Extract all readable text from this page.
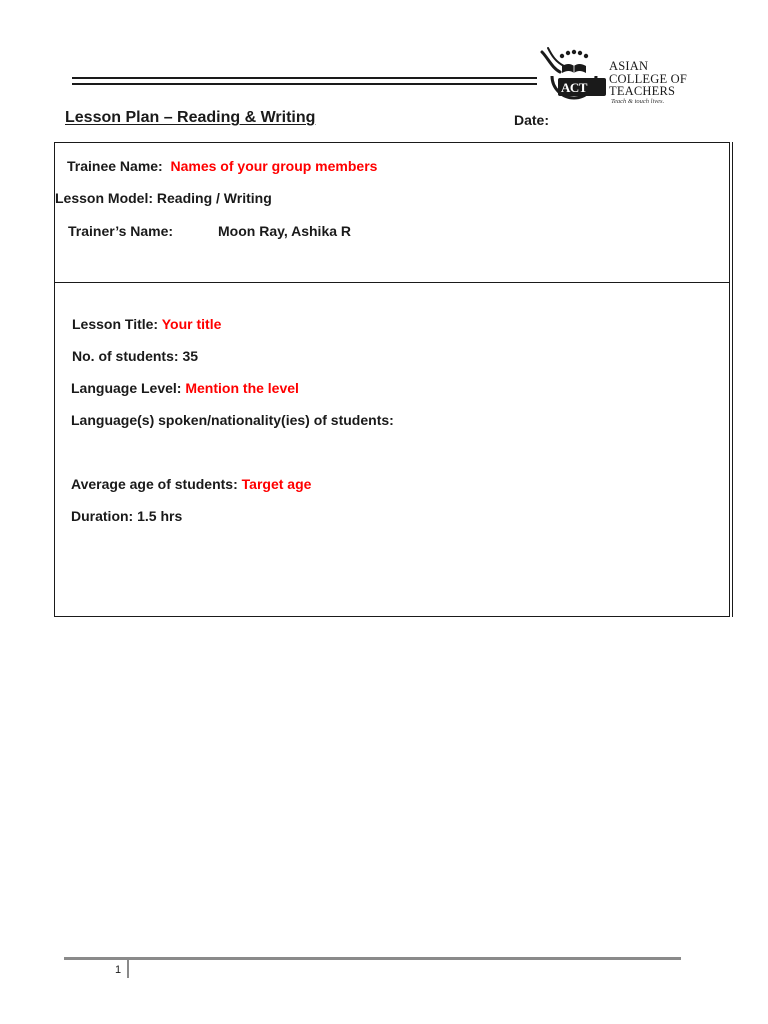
ACT
ASIAN
COLLEGE OF
TEACHERS
Teach & touch lives.
Lesson Plan – Reading & Writing	Date:
Trainee Name: Names of your group members
Lesson Model: Reading / Writing
Trainer’s Name:	Moon Ray, Ashika R
Lesson Title: Your title
No. of students: 35
Language Level: Mention the level
Language(s) spoken/nationality(ies) of students:
Average age of students: Target age
Duration: 1.5 hrs
1
